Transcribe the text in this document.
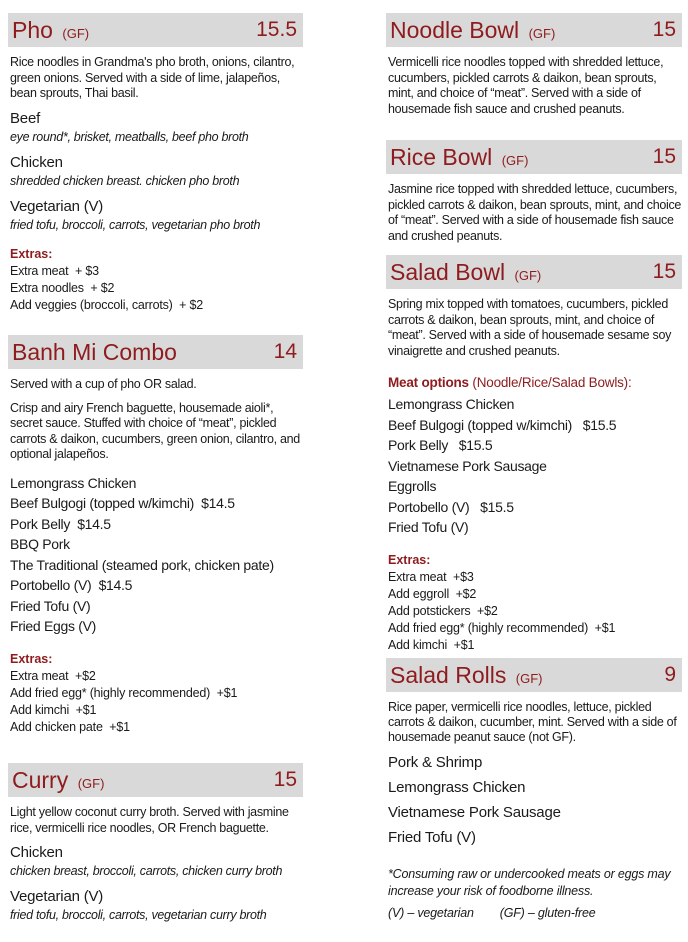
Pho (GF)	15.5
Rice noodles in Grandma's pho broth, onions, cilantro, green onions. Served with a side of lime, jalapeños, bean sprouts, Thai basil.
Beef
eye round*, brisket, meatballs, beef pho broth
Chicken
shredded chicken breast. chicken pho broth
Vegetarian (V)
fried tofu, broccoli, carrots, vegetarian pho broth
Extras:
Extra meat  + $3
Extra noodles  + $2
Add veggies (broccoli, carrots)  + $2
Banh Mi Combo	14
Served with a cup of pho OR salad.
Crisp and airy French baguette, housemade aioli*, secret sauce. Stuffed with choice of “meat”, pickled carrots & daikon, cucumbers, green onion, cilantro, and optional jalapeños.
Lemongrass Chicken
Beef Bulgogi (topped w/kimchi)  $14.5
Pork Belly  $14.5
BBQ Pork
The Traditional (steamed pork, chicken pate)
Portobello (V)  $14.5
Fried Tofu (V)
Fried Eggs (V)
Extras:
Extra meat  +$2
Add fried egg* (highly recommended)  +$1
Add kimchi  +$1
Add chicken pate  +$1
Curry (GF)	15
Light yellow coconut curry broth. Served with jasmine rice, vermicelli rice noodles, OR French baguette.
Chicken
chicken breast, broccoli, carrots, chicken curry broth
Vegetarian (V)
fried tofu, broccoli, carrots, vegetarian curry broth
Noodle Bowl (GF)	15
Vermicelli rice noodles topped with shredded lettuce, cucumbers, pickled carrots & daikon, bean sprouts, mint, and choice of “meat”. Served with a side of housemade fish sauce and crushed peanuts.
Rice Bowl (GF)	15
Jasmine rice topped with shredded lettuce, cucumbers, pickled carrots & daikon, bean sprouts, mint, and choice of “meat”. Served with a side of housemade fish sauce and crushed peanuts.
Salad Bowl (GF)	15
Spring mix topped with tomatoes, cucumbers, pickled carrots & daikon, bean sprouts, mint, and choice of “meat”. Served with a side of housemade sesame soy vinaigrette and crushed peanuts.
Meat options (Noodle/Rice/Salad Bowls):
Lemongrass Chicken
Beef Bulgogi (topped w/kimchi)   $15.5
Pork Belly   $15.5
Vietnamese Pork Sausage
Eggrolls
Portobello (V)   $15.5
Fried Tofu (V)
Extras:
Extra meat  +$3
Add eggroll  +$2
Add potstickers  +$2
Add fried egg* (highly recommended)  +$1
Add kimchi  +$1
Salad Rolls (GF)	9
Rice paper, vermicelli rice noodles, lettuce, pickled carrots & daikon, cucumber, mint. Served with a side of housemade peanut sauce (not GF).
Pork & Shrimp
Lemongrass Chicken
Vietnamese Pork Sausage
Fried Tofu (V)
*Consuming raw or undercooked meats or eggs may increase your risk of foodborne illness.
(V) – vegetarian (GF) – gluten-free
